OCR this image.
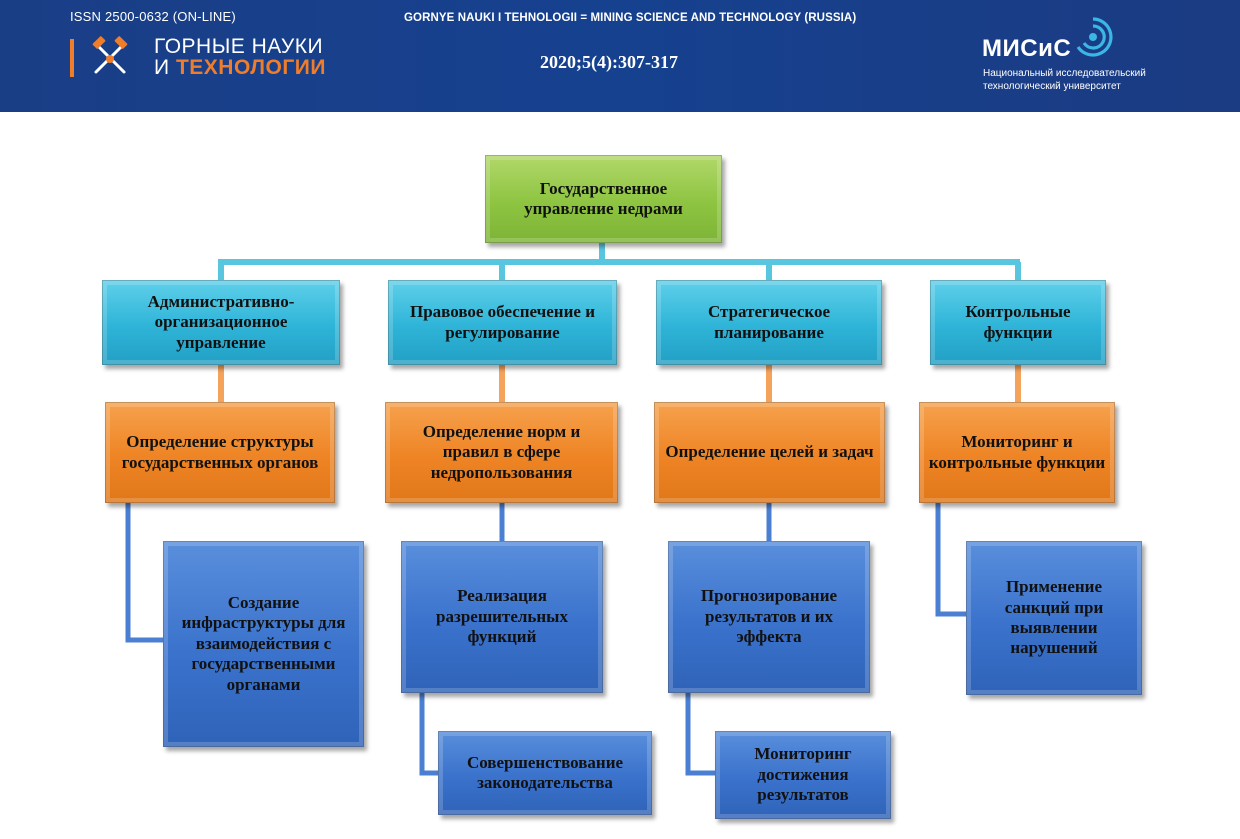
ISSN 2500-0632 (ON-LINE)	GORNYE NAUKI I TEHNOLOGII = MINING SCIENCE AND TECHNOLOGY (RUSSIA)
2020;5(4):307-317
ГОРНЫЕ НАУКИ
И ТЕХНОЛОГИИ
МИСиС
Национальный исследовательский
технологический университет
Государственное управление недрами
Административно-организационное управление
Правовое обеспечение и регулирование
Стратегическое планирование
Контрольные функции
Определение структуры государственных органов
Определение норм и правил в сфере недропользования
Определение целей и задач
Мониторинг и контрольные функции
Создание инфраструктуры для взаимодействия с государственными органами
Реализация разрешительных функций
Совершенствование законодательства
Прогнозирование результатов и их эффекта
Мониторинг достижения результатов
Применение санкций при выявлении нарушений
